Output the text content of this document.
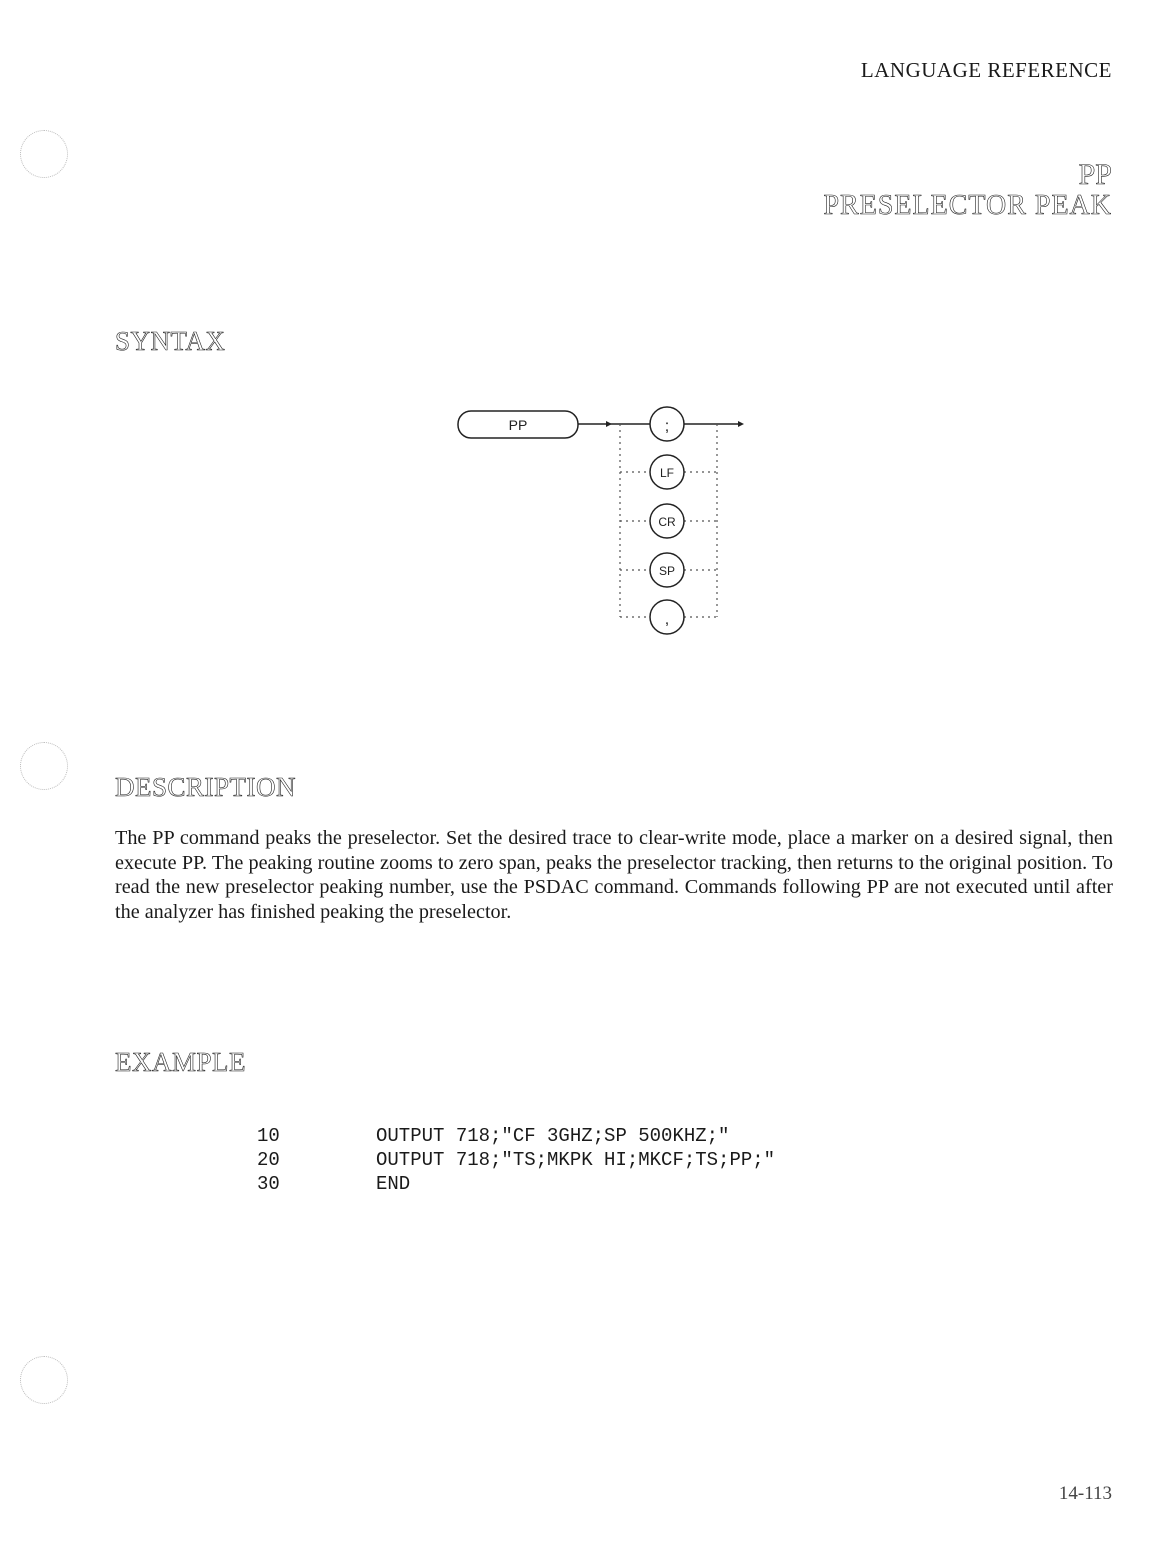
LANGUAGE REFERENCE
PP
PRESELECTOR PEAK
SYNTAX
PP	;
LF
CR
SP
,
DESCRIPTION

The PP command peaks the preselector. Set the desired trace to clear-write mode, place a marker on a desired signal, then execute PP. The peaking routine zooms to zero span, peaks the preselector tracking, then returns to the original position. To read the new preselector peaking number, use the PSDAC command. Commands following PP are not executed until after the analyzer has finished peaking the preselector.

EXAMPLE
10	OUTPUT 718;"CF 3GHZ;SP 500KHZ;"
20	OUTPUT 718;"TS;MKPK HI;MKCF;TS;PP;"
30	END
14-113
